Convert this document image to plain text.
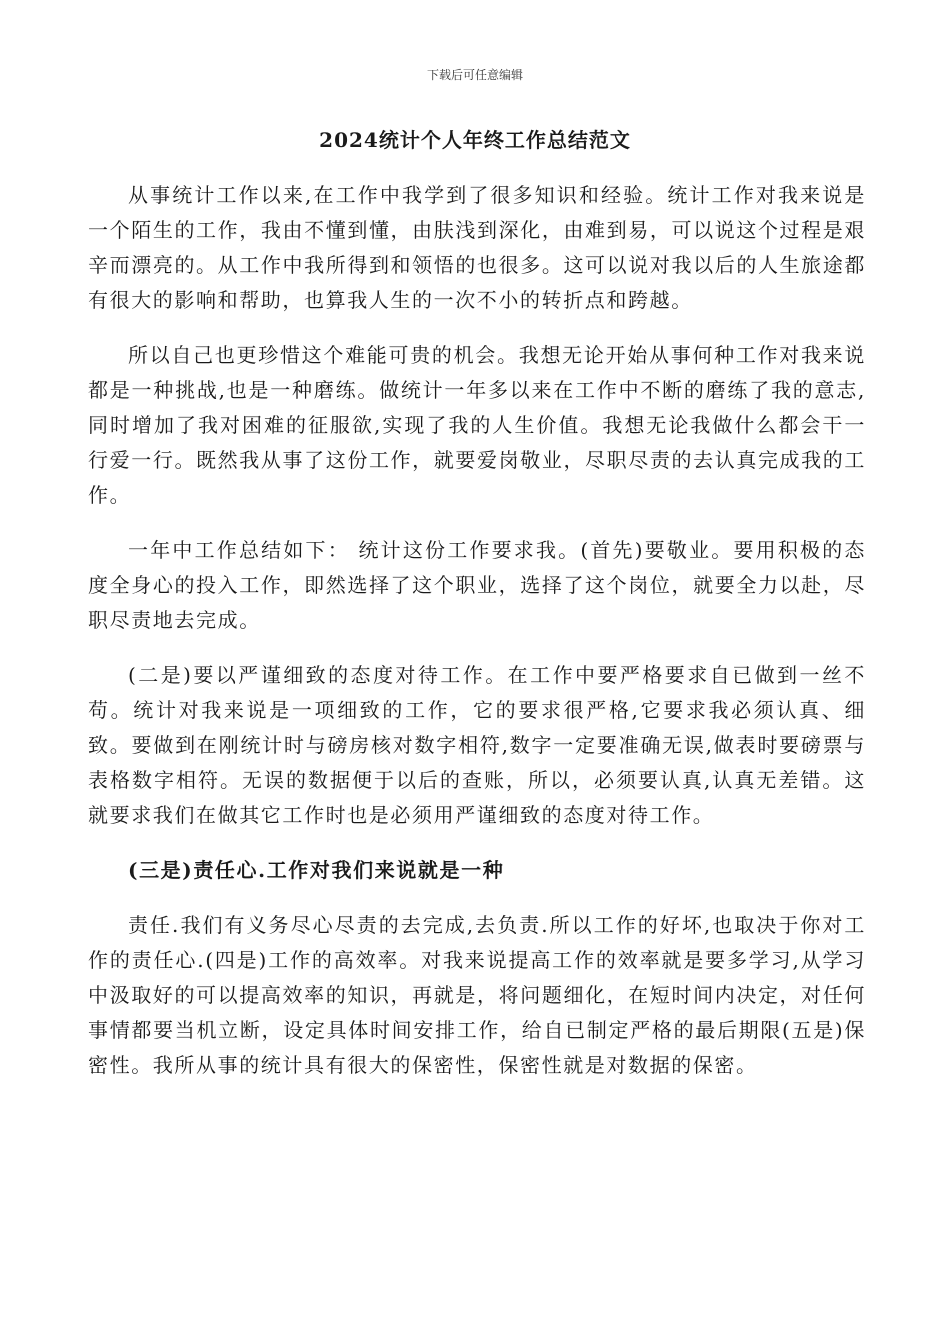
下载后可任意编辑
2024统计个人年终工作总结范文

从事统计工作以来,在工作中我学到了很多知识和经验。统计工作对我来说是一个陌生的工作，我由不懂到懂，由肤浅到深化，由难到易，可以说这个过程是艰辛而漂亮的。从工作中我所得到和领悟的也很多。这可以说对我以后的人生旅途都有很大的影响和帮助，也算我人生的一次不小的转折点和跨越。

所以自己也更珍惜这个难能可贵的机会。我想无论开始从事何种工作对我来说都是一种挑战,也是一种磨练。做统计一年多以来在工作中不断的磨练了我的意志,同时增加了我对困难的征服欲,实现了我的人生价值。我想无论我做什么都会干一行爱一行。既然我从事了这份工作，就要爱岗敬业，尽职尽责的去认真完成我的工作。

一年中工作总结如下： 统计这份工作要求我。(首先)要敬业。要用积极的态度全身心的投入工作，即然选择了这个职业，选择了这个岗位，就要全力以赴，尽职尽责地去完成。

(二是)要以严谨细致的态度对待工作。在工作中要严格要求自已做到一丝不苟。统计对我来说是一项细致的工作，它的要求很严格,它要求我必须认真、细致。要做到在刚统计时与磅房核对数字相符,数字一定要准确无误,做表时要磅票与表格数字相符。无误的数据便于以后的查账，所以，必须要认真,认真无差错。这就要求我们在做其它工作时也是必须用严谨细致的态度对待工作。

(三是)责任心.工作对我们来说就是一种

责任.我们有义务尽心尽责的去完成,去负责.所以工作的好坏,也取决于你对工作的责任心.(四是)工作的高效率。对我来说提高工作的效率就是要多学习,从学习中汲取好的可以提高效率的知识，再就是，将问题细化，在短时间内决定，对任何事情都要当机立断，设定具体时间安排工作，给自已制定严格的最后期限(五是)保密性。我所从事的统计具有很大的保密性，保密性就是对数据的保密。
